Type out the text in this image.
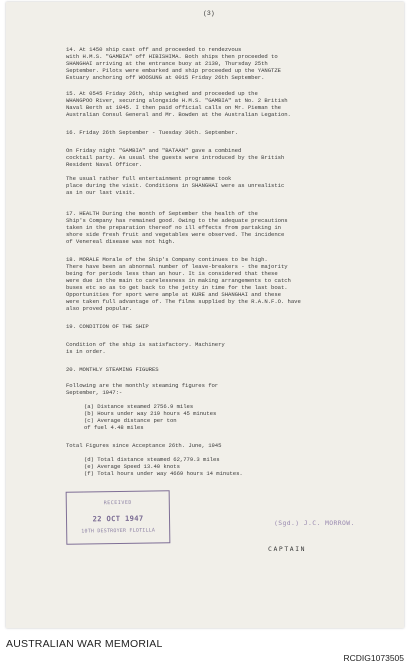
(3)
14. At 1450 ship cast off and proceeded to rendezvous
with H.M.S. "GAMBIA" off HIBISHIMA. Both ships then proceeded to
SHANGHAI arriving at the entrance buoy at 2130, Thursday 25th
September. Pilots were embarked and ship proceeded up the YANGTZE
Estuary anchoring off WOOSUNG at 0015 Friday 26th September.
15. At 0545 Friday 26th, ship weighed and proceeded up the
WHANGPOO River, securing alongside H.M.S. "GAMBIA" at No. 2 British
Naval Berth at 1045. I then paid official calls on Mr. Pieman the
Australian Consul General and Mr. Bowden at the Australian Legation.
16. Friday 26th September - Tuesday 30th. September.
On Friday night "GAMBIA" and "BATAAN" gave a combined
cocktail party. As usual the guests were introduced by the British
Resident Naval Officer.
The usual rather full entertainment programme took
place during the visit. Conditions in SHANGHAI were as unrealistic
as in our last visit.
17. HEALTH During the month of September the health of the
Ship's Company has remained good. Owing to the adequate precautions
taken in the preparation thereof no ill effects from partaking in
shore side fresh fruit and vegetables were observed. The incidence
of Venereal disease was not high.
18. MORALE Morale of the Ship's Company continues to be high.
There have been an abnormal number of leave-breakers - the majority
being for periods less than an hour. It is considered that these
were due in the main to carelessness in making arrangements to catch
buses etc so as to get back to the jetty in time for the last boat.
Opportunities for sport were ample at KURE and SHANGHAI and these
were taken full advantage of. The films supplied by the R.A.N.F.O. have
also proved popular.
19. CONDITION OF THE SHIP
Condition of the ship is satisfactory. Machinery
is in order.
20. MONTHLY STEAMING FIGURES
Following are the monthly steaming figures for
September, 1947:-
(a) Distance steamed 2756.9 miles
(b) Hours under way 219 hours 45 minutes
(c) Average distance per ton
of fuel 4.48 miles
Total Figures since Acceptance 26th. June, 1945
(d) Total distance steamed 62,779.3 miles
(e) Average Speed 13.40 knots
(f) Total hours under way 4669 hours 14 minutes.
RECEIVED
22 OCT 1947
10TH DESTROYER FLOTILLA
(Sgd.) J.C. MORROW.
CAPTAIN
AUSTRALIAN WAR MEMORIAL
RCDIG1073505
